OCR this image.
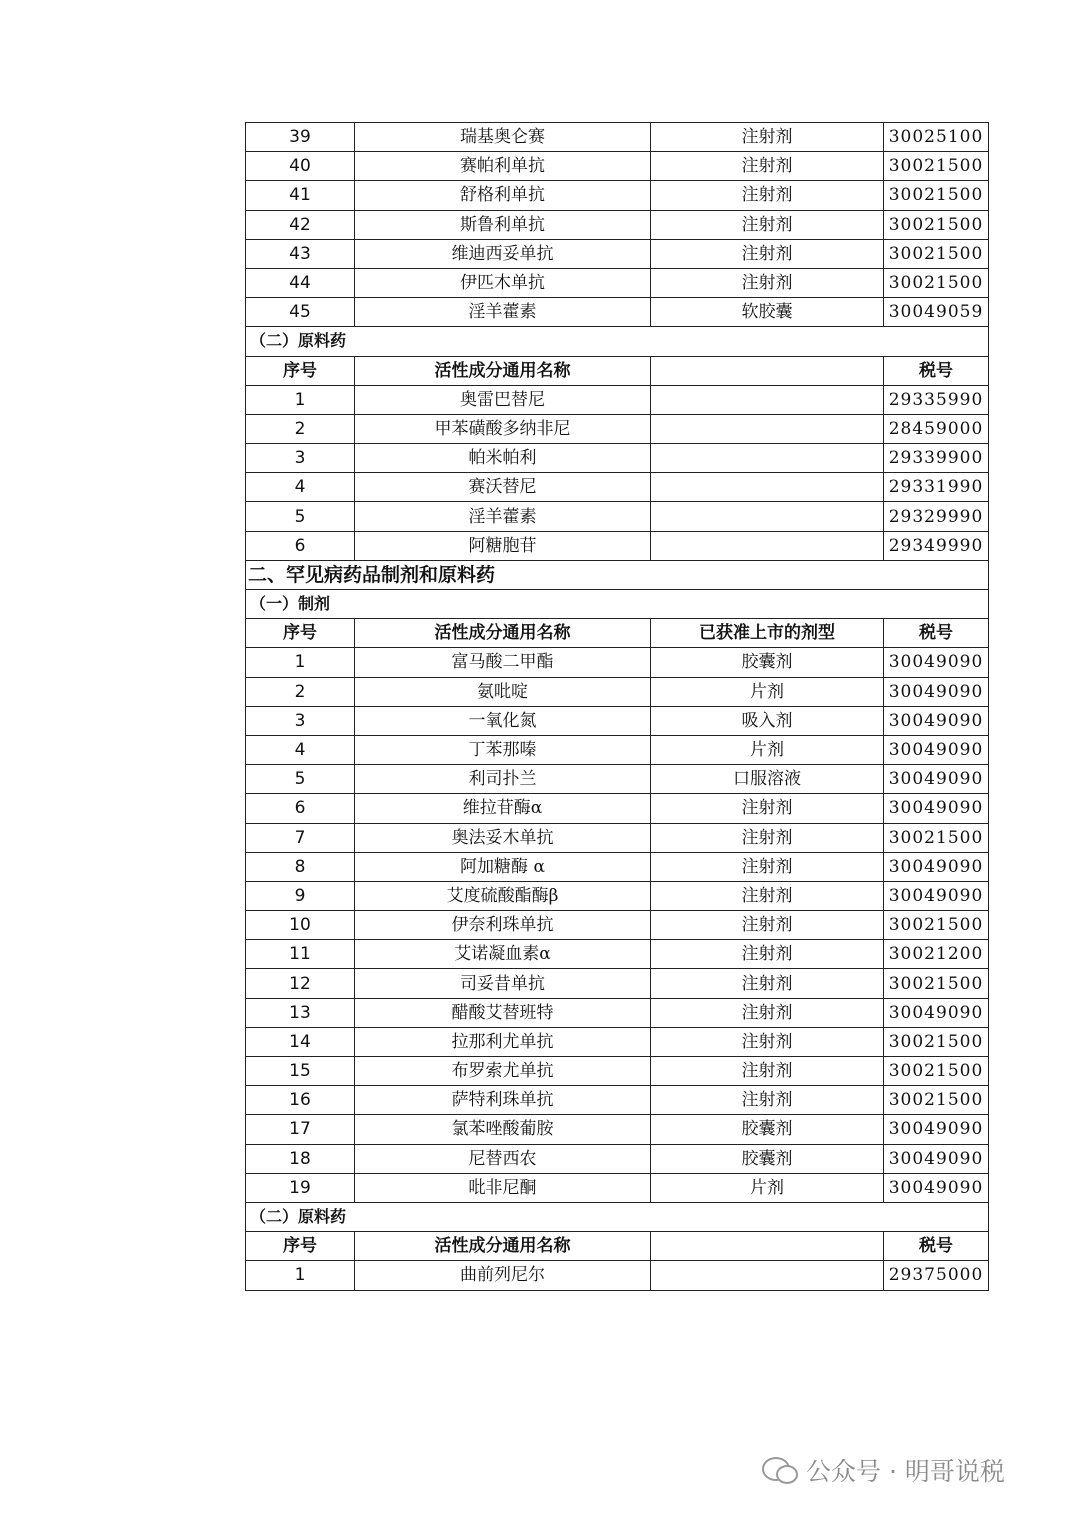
39	瑞基奥仑赛	注射剂	30025100
40	赛帕利单抗	注射剂	30021500
41	舒格利单抗	注射剂	30021500
42	斯鲁利单抗	注射剂	30021500
43	维迪西妥单抗	注射剂	30021500
44	伊匹木单抗	注射剂	30021500
45	淫羊藿素	软胶囊	30049059
（二）原料药			
序号	活性成分通用名称		税号
1	奥雷巴替尼		29335990
2	甲苯磺酸多纳非尼		28459000
3	帕米帕利		29339900
4	赛沃替尼		29331990
5	淫羊藿素		29329990
6	阿糖胞苷		29349990
二、罕见病药品制剂和原料药			
（一）制剂			
序号	活性成分通用名称	已获准上市的剂型	税号
1	富马酸二甲酯	胶囊剂	30049090
2	氨吡啶	片剂	30049090
3	一氧化氮	吸入剂	30049090
4	丁苯那嗪	片剂	30049090
5	利司扑兰	口服溶液	30049090
6	维拉苷酶α	注射剂	30049090
7	奥法妥木单抗	注射剂	30021500
8	阿加糖酶 α	注射剂	30049090
9	艾度硫酸酯酶β	注射剂	30049090
10	伊奈利珠单抗	注射剂	30021500
11	艾诺凝血素α	注射剂	30021200
12	司妥昔单抗	注射剂	30021500
13	醋酸艾替班特	注射剂	30049090
14	拉那利尤单抗	注射剂	30021500
15	布罗索尤单抗	注射剂	30021500
16	萨特利珠单抗	注射剂	30021500
17	氯苯唑酸葡胺	胶囊剂	30049090
18	尼替西农	胶囊剂	30049090
19	吡非尼酮	片剂	30049090
（二）原料药			
序号	活性成分通用名称		税号
1	曲前列尼尔		29375000
公众号 · 明哥说税
